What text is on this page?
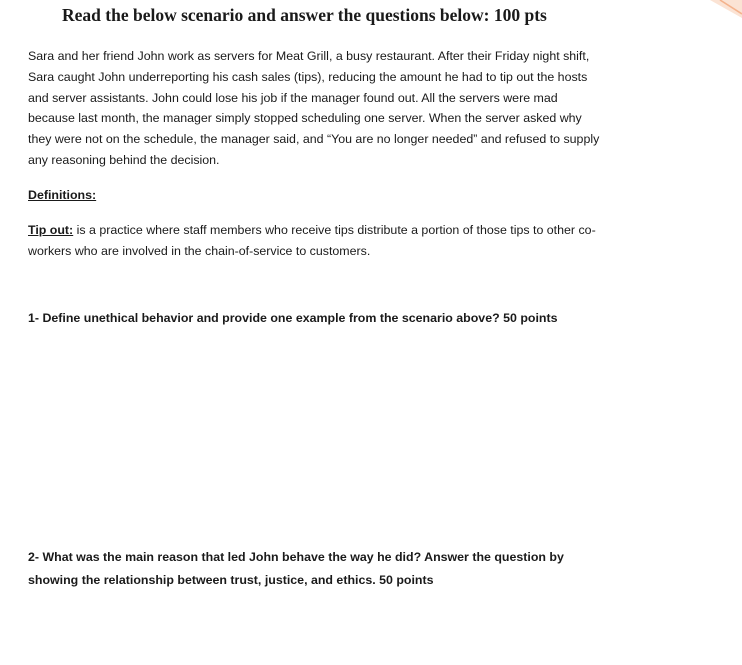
Read the below scenario and answer the questions below: 100 pts
Sara and her friend John work as servers for Meat Grill, a busy restaurant. After their Friday night shift,
Sara caught John underreporting his cash sales (tips), reducing the amount he had to tip out the hosts
and server assistants. John could lose his job if the manager found out. All the servers were mad
because last month, the manager simply stopped scheduling one server. When the server asked why
they were not on the schedule, the manager said, and “You are no longer needed” and refused to supply
any reasoning behind the decision.
Definitions:
Tip out: is a practice where staff members who receive tips distribute a portion of those tips to other co-
workers who are involved in the chain-of-service to customers.
1- Define unethical behavior and provide one example from the scenario above? 50 points
2- What was the main reason that led John behave the way he did? Answer the question by
showing the relationship between trust, justice, and ethics. 50 points
